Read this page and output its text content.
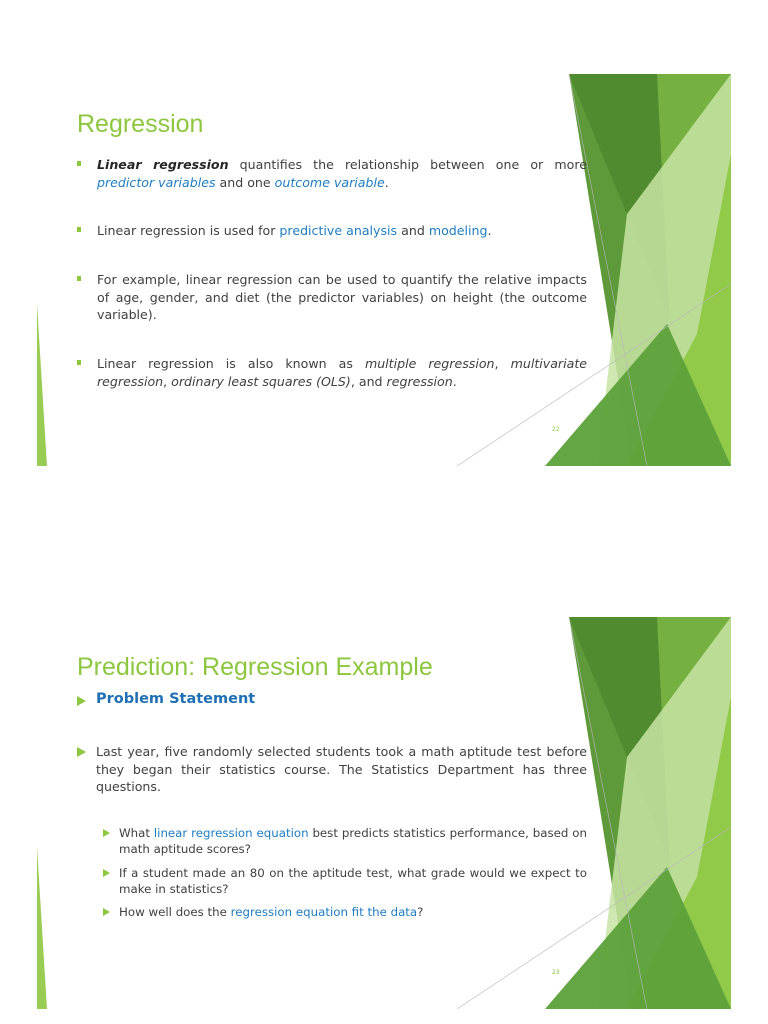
Regression

Linear regression quantifies the relationship between one or more predictor variables and one outcome variable.

Linear regression is used for predictive analysis and modeling.

For example, linear regression can be used to quantify the relative impacts of age, gender, and diet (the predictor variables) on height (the outcome variable).

Linear regression is also known as multiple regression, multivariate regression, ordinary least squares (OLS), and regression.

22
Prediction: Regression Example
Problem Statement

Last year, five randomly selected students took a math aptitude test before they began their statistics course. The Statistics Department has three questions.

What linear regression equation best predicts statistics performance, based on math aptitude scores?

If a student made an 80 on the aptitude test, what grade would we expect to make in statistics?

How well does the regression equation fit the data?

23
